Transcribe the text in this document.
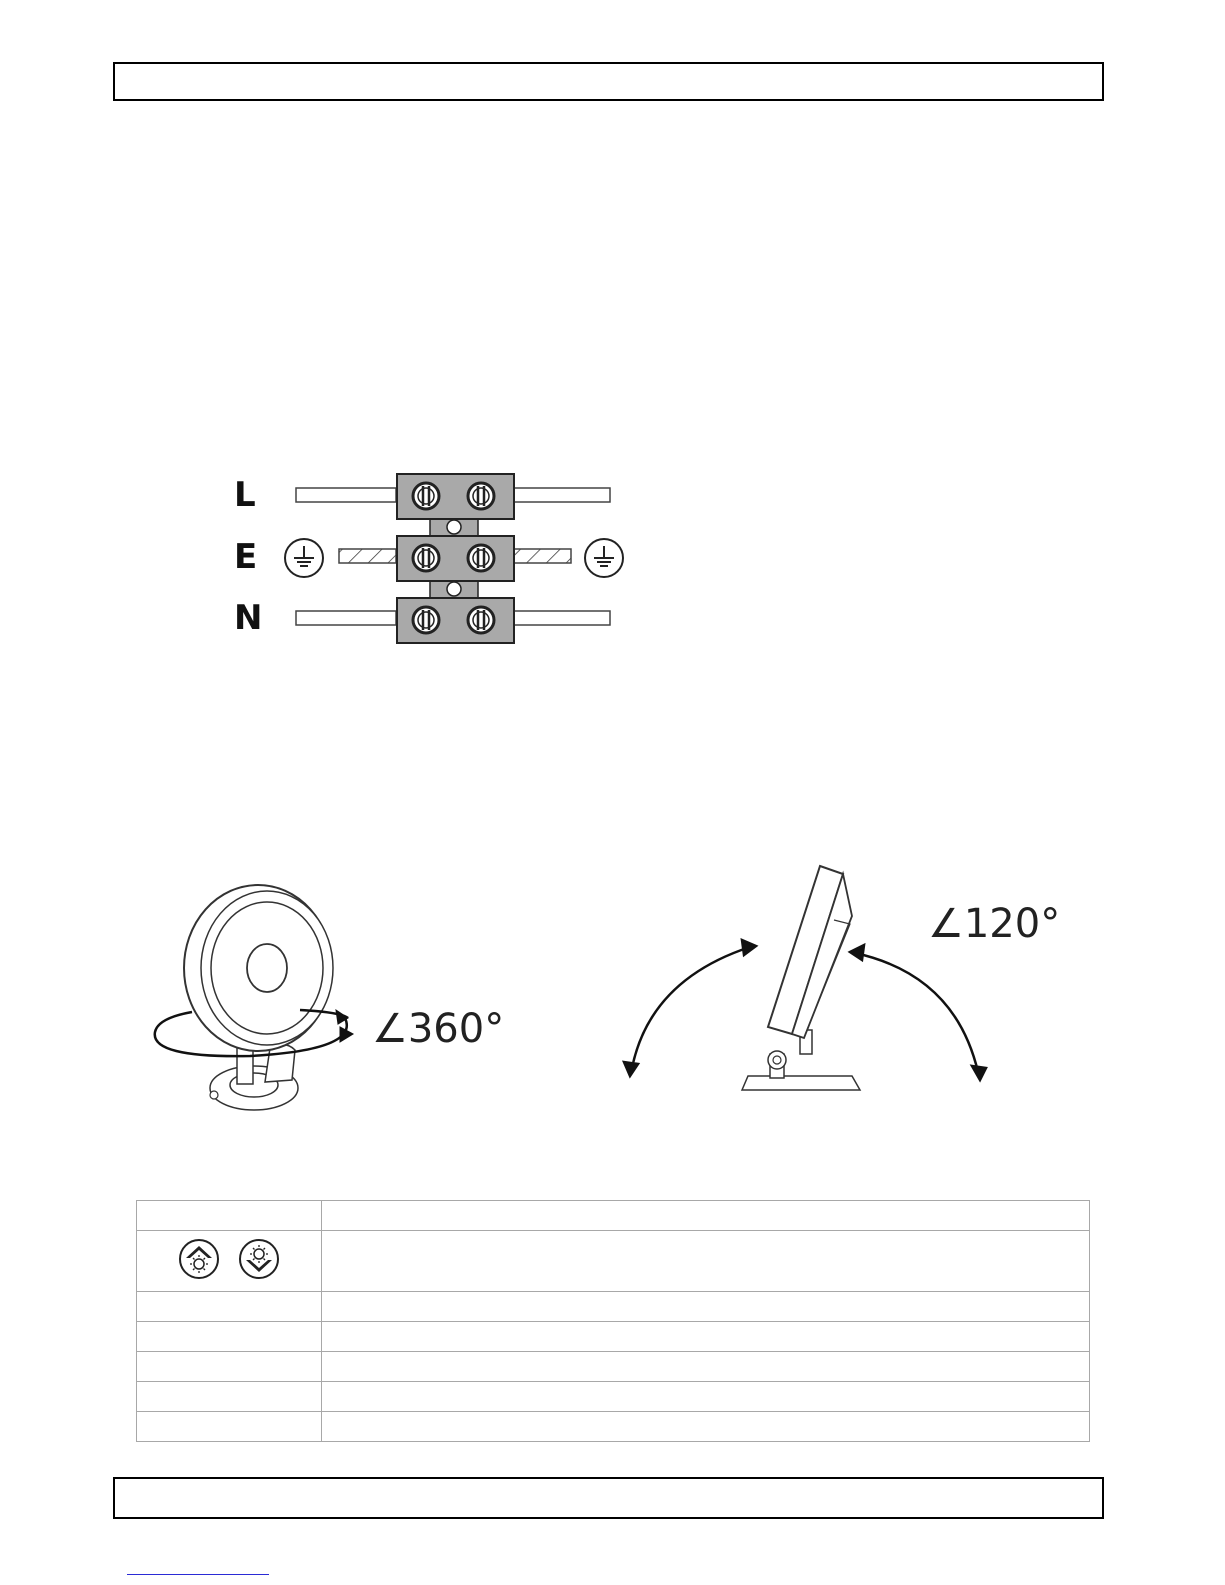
L
E
N
∠360°
∠120°
